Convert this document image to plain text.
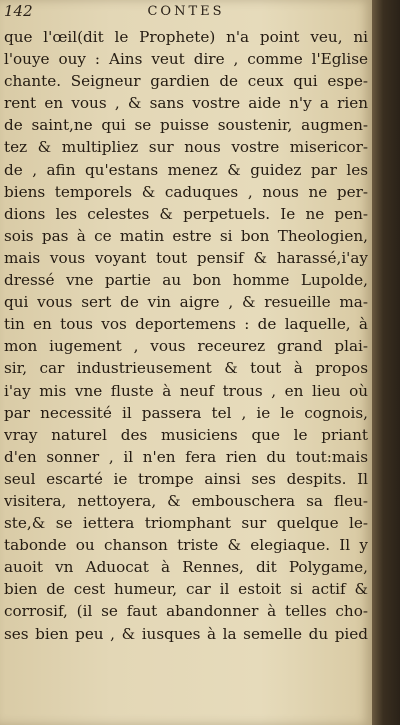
142	CONTES
que l'œil(dit le Prophete) n'a point veu, ni
l'ouye ouy : Ains veut dire , comme l'Eglise
chante. Seigneur gardien de ceux qui espe-
rent en vous , & sans vostre aide n'y a rien
de saint,ne qui se puisse soustenir, augmen-
tez & multipliez sur nous vostre misericor-
de , afin qu'estans menez & guidez par les
biens temporels & caduques , nous ne per-
dions les celestes & perpetuels. Ie ne pen-
sois pas à ce matin estre si bon Theologien,
mais vous voyant tout pensif & harassé,i'ay
dressé vne partie au bon homme Lupolde,
qui vous sert de vin aigre , & resueille ma-
tin en tous vos deportemens : de laquelle, à
mon iugement , vous receurez grand plai-
sir, car industrieusement & tout à propos
i'ay mis vne fluste à neuf trous , en lieu où
par necessité il passera tel , ie le cognois,
vray naturel des musiciens que le priant
d'en sonner , il n'en fera rien du tout:mais
seul escarté ie trompe ainsi ses despits. Il
visitera, nettoyera, & embouschera sa fleu-
ste,& se iettera triomphant sur quelque le-
tabonde ou chanson triste & elegiaque. Il y
auoit vn Aduocat à Rennes, dit Polygame,
bien de cest humeur, car il estoit si actif &
corrosif, (il se faut abandonner à telles cho-
ses bien peu , & iusques à la semelle du pied
